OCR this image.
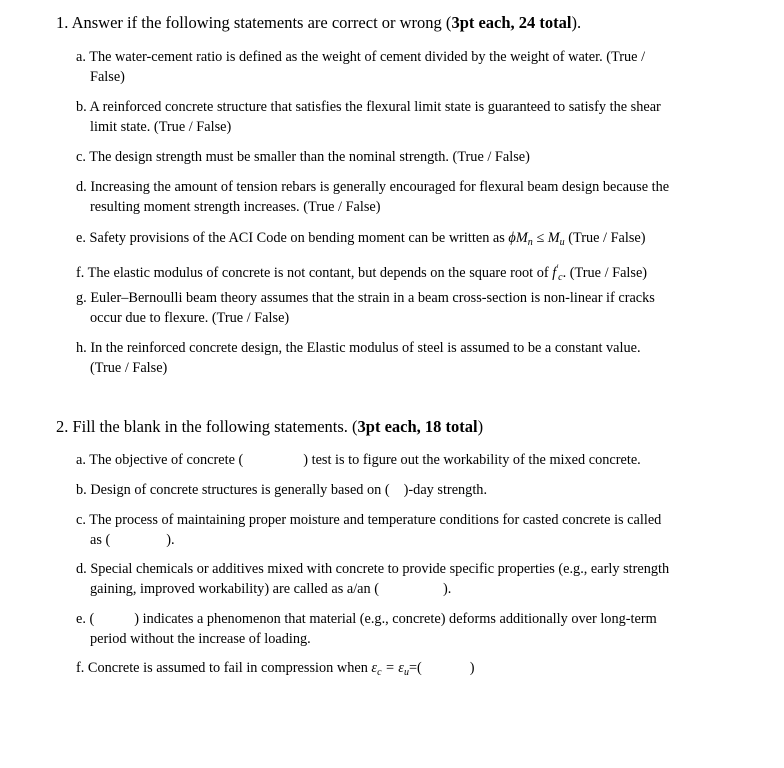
1. Answer if the following statements are correct or wrong (3pt each, 24 total).
a. The water-cement ratio is defined as the weight of cement divided by the weight of water. (True /
False)
b. A reinforced concrete structure that satisfies the flexural limit state is guaranteed to satisfy the shear
limit state. (True / False)
c. The design strength must be smaller than the nominal strength. (True / False)
d. Increasing the amount of tension rebars is generally encouraged for flexural beam design because the
resulting moment strength increases. (True / False)
e. Safety provisions of the ACI Code on bending moment can be written as $\phi M_n \le M_u$ (True / False)
f. The elastic modulus of concrete is not contant, but depends on the square root of $f'_c$. (True / False)
g. Euler–Bernoulli beam theory assumes that the strain in a beam cross-section is non-linear if cracks
occur due to flexure. (True / False)
h. In the reinforced concrete design, the Elastic modulus of steel is assumed to be a constant value.
(True / False)
2. Fill the blank in the following statements. (3pt each, 18 total)
a. The objective of concrete (	) test is to figure out the workability of the mixed concrete.
b. Design of concrete structures is generally based on ( )-day strength.
c. The process of maintaining proper moisture and temperature conditions for casted concrete is called
as (	).
d. Special chemicals or additives mixed with concrete to provide specific properties (e.g., early strength
gaining, improved workability) are called as a/an (	).
e. (	) indicates a phenomenon that material (e.g., concrete) deforms additionally over long-term
period without the increase of loading.
f. Concrete is assumed to fail in compression when $\varepsilon_c = \varepsilon_u=$(	)
